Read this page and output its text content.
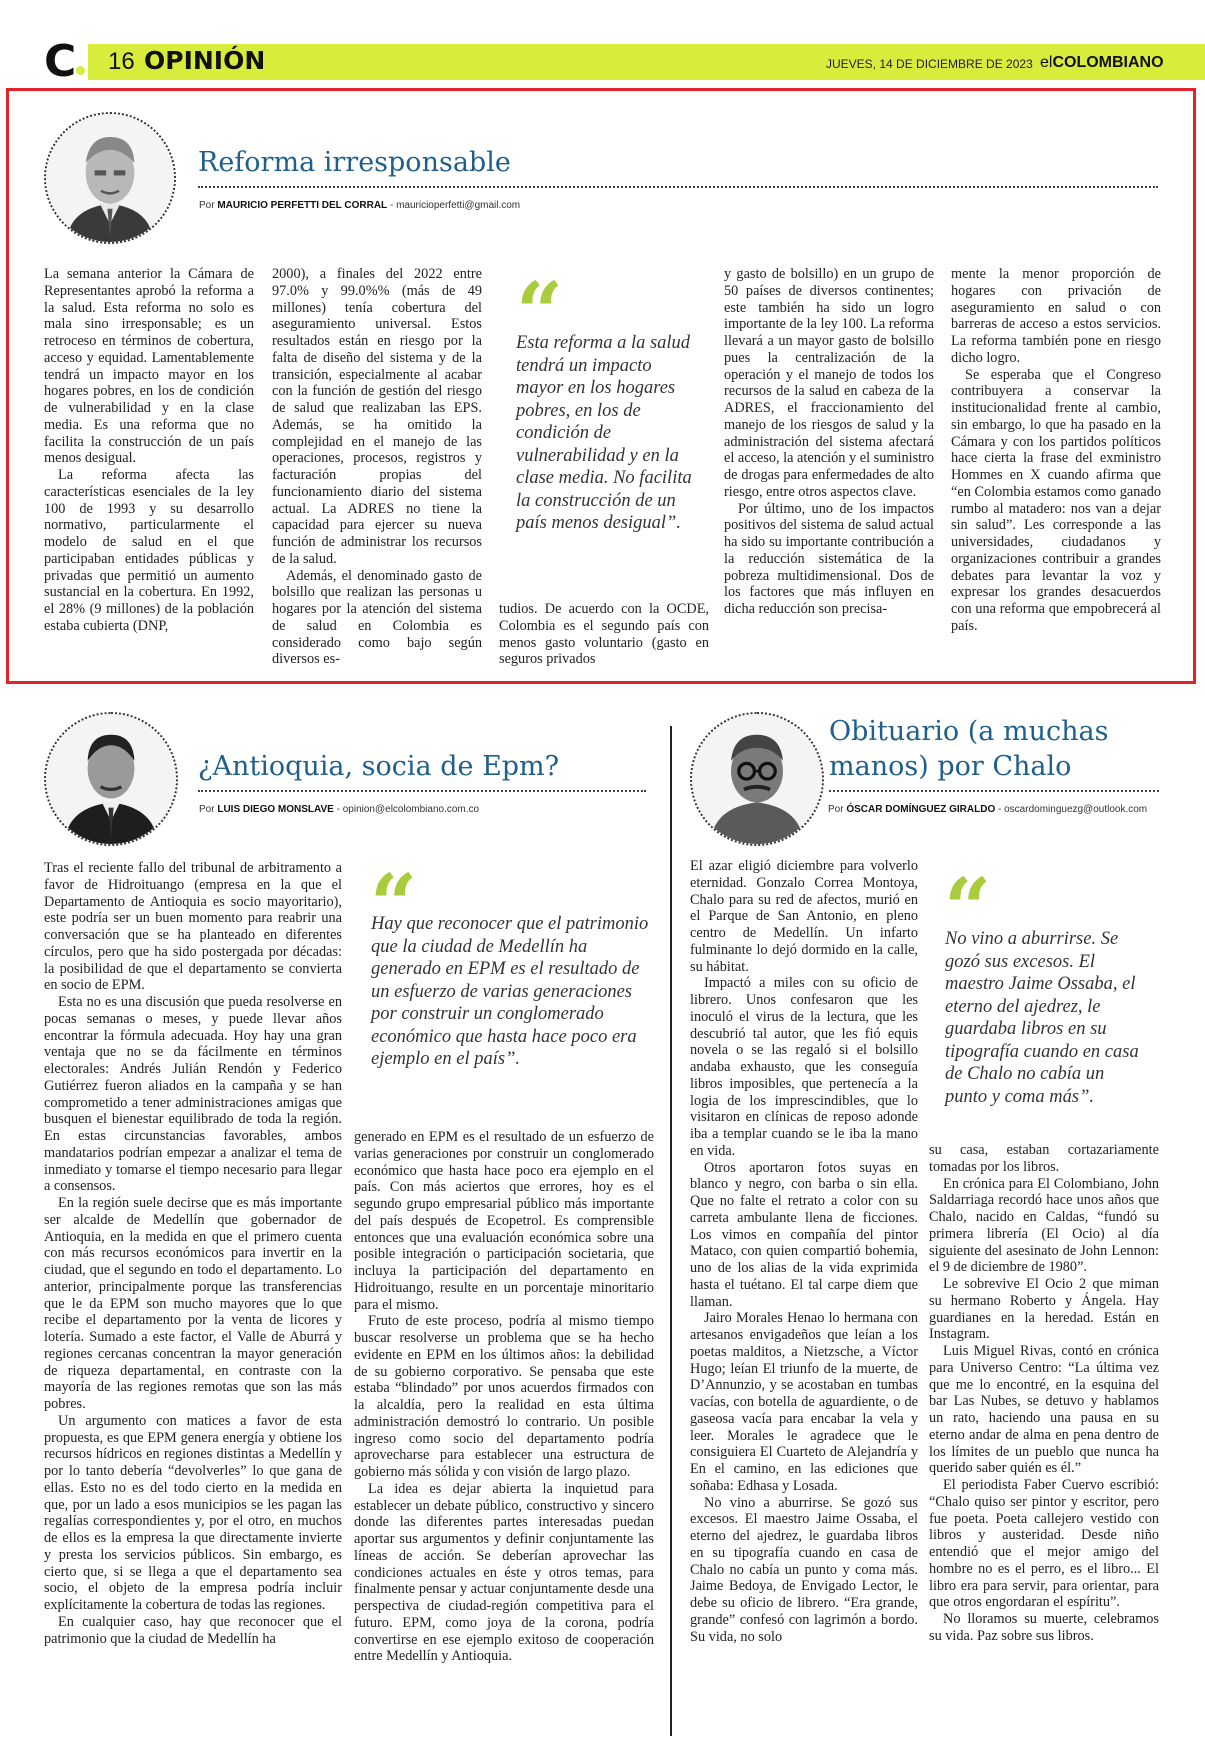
C 16 OPINIÓN	JUEVES, 14 DE DICIEMBRE DE 2023 elCOLOMBIANO
Reforma irresponsable
Por MAURICIO PERFETTI DEL CORRAL - mauricioperfetti@gmail.com

La semana anterior la Cámara de Representantes aprobó la reforma a la salud. Esta reforma no solo es mala sino irresponsable; es un retroceso en términos de cobertura, acceso y equidad. Lamentablemente tendrá un impacto mayor en los hogares pobres, en los de condición de vulnerabilidad y en la clase media. Es una reforma que no facilita la construcción de un país menos desigual.

La reforma afecta las características esenciales de la ley 100 de 1993 y su desarrollo normativo, particularmente el modelo de salud en el que participaban entidades públicas y privadas que permitió un aumento sustancial en la cobertura. En 1992, el 28% (9 millones) de la población estaba cubierta (DNP,

2000), a finales del 2022 entre 97.0% y 99.0%% (más de 49 millones) tenía cobertura del aseguramiento universal. Estos resultados están en riesgo por la falta de diseño del sistema y de la transición, especialmente al acabar con la función de gestión del riesgo de salud que realizaban las EPS. Además, se ha omitido la complejidad en el manejo de las operaciones, procesos, registros y facturación propias del funcionamiento diario del sistema actual. La ADRES no tiene la capacidad para ejercer su nueva función de administrar los recursos de la salud.

Además, el denominado gasto de bolsillo que realizan las personas u hogares por la atención del sistema de salud en Colombia es considerado como bajo según diversos es-

“
Esta reforma a la salud tendrá un impacto mayor en los hogares pobres, en los de condición de vulnerabilidad y en la clase media. No facilita la construcción de un país menos desigual”.

tudios. De acuerdo con la OCDE, Colombia es el segundo país con menos gasto voluntario (gasto en seguros privados

y gasto de bolsillo) en un grupo de 50 países de diversos continentes; este también ha sido un logro importante de la ley 100. La reforma llevará a un mayor gasto de bolsillo pues la centralización de la operación y el manejo de todos los recursos de la salud en cabeza de la ADRES, el fraccionamiento del manejo de los riesgos de salud y la administración del sistema afectará el acceso, la atención y el suministro de drogas para enfermedades de alto riesgo, entre otros aspectos clave.

Por último, uno de los impactos positivos del sistema de salud actual ha sido su importante contribución a la reducción sistemática de la pobreza multidimensional. Dos de los factores que más influyen en dicha reducción son precisa-

mente la menor proporción de hogares con privación de aseguramiento en salud o con barreras de acceso a estos servicios. La reforma también pone en riesgo dicho logro.

Se esperaba que el Congreso contribuyera a conservar la institucionalidad frente al cambio, sin embargo, lo que ha pasado en la Cámara y con los partidos políticos hace cierta la frase del exministro Hommes en X cuando afirma que “en Colombia estamos como ganado rumbo al matadero: nos van a dejar sin salud”. Les corresponde a las universidades, ciudadanos y organizaciones contribuir a grandes debates para levantar la voz y expresar los grandes desacuerdos con una reforma que empobrecerá al país.

¿Antioquia, socia de Epm?
Por LUIS DIEGO MONSLAVE - opinion@elcolombiano.com.co

Tras el reciente fallo del tribunal de arbitramento a favor de Hidroituango (empresa en la que el Departamento de Antioquia es socio mayoritario), este podría ser un buen momento para reabrir una conversación que se ha planteado en diferentes círculos, pero que ha sido postergada por décadas: la posibilidad de que el departamento se convierta en socio de EPM.

Esta no es una discusión que pueda resolverse en pocas semanas o meses, y puede llevar años encontrar la fórmula adecuada. Hoy hay una gran ventaja que no se da fácilmente en términos electorales: Andrés Julián Rendón y Federico Gutiérrez fueron aliados en la campaña y se han comprometido a tener administraciones amigas que busquen el bienestar equilibrado de toda la región. En estas circunstancias favorables, ambos mandatarios podrían empezar a analizar el tema de inmediato y tomarse el tiempo necesario para llegar a consensos.

En la región suele decirse que es más importante ser alcalde de Medellín que gobernador de Antioquia, en la medida en que el primero cuenta con más recursos económicos para invertir en la ciudad, que el segundo en todo el departamento. Lo anterior, principalmente porque las transferencias que le da EPM son mucho mayores que lo que recibe el departamento por la venta de licores y lotería. Sumado a este factor, el Valle de Aburrá y regiones cercanas concentran la mayor generación de riqueza departamental, en contraste con la mayoría de las regiones remotas que son las más pobres.

Un argumento con matices a favor de esta propuesta, es que EPM genera energía y obtiene los recursos hídricos en regiones distintas a Medellín y por lo tanto debería “devolverles” lo que gana de ellas. Esto no es del todo cierto en la medida en que, por un lado a esos municipios se les pagan las regalías correspondientes y, por el otro, en muchos de ellos es la empresa la que directamente invierte y presta los servicios públicos. Sin embargo, es cierto que, si se llega a que el departamento sea socio, el objeto de la empresa podría incluir explícitamente la cobertura de todas las regiones.

En cualquier caso, hay que reconocer que el patrimonio que la ciudad de Medellín ha

“
Hay que reconocer que el patrimonio que la ciudad de Medellín ha generado en EPM es el resultado de un esfuerzo de varias generaciones por construir un conglomerado económico que hasta hace poco era ejemplo en el país”.

generado en EPM es el resultado de un esfuerzo de varias generaciones por construir un conglomerado económico que hasta hace poco era ejemplo en el país. Con más aciertos que errores, hoy es el segundo grupo empresarial público más importante del país después de Ecopetrol. Es comprensible entonces que una evaluación económica sobre una posible integración o participación societaria, que incluya la participación del departamento en Hidroituango, resulte en un porcentaje minoritario para el mismo.

Fruto de este proceso, podría al mismo tiempo buscar resolverse un problema que se ha hecho evidente en EPM en los últimos años: la debilidad de su gobierno corporativo. Se pensaba que este estaba “blindado” por unos acuerdos firmados con la alcaldía, pero la realidad en esta última administración demostró lo contrario. Un posible ingreso como socio del departamento podría aprovecharse para establecer una estructura de gobierno más sólida y con visión de largo plazo.

La idea es dejar abierta la inquietud para establecer un debate público, constructivo y sincero donde las diferentes partes interesadas puedan aportar sus argumentos y definir conjuntamente las líneas de acción. Se deberían aprovechar las condiciones actuales en éste y otros temas, para finalmente pensar y actuar conjuntamente desde una perspectiva de ciudad-región competitiva para el futuro. EPM, como joya de la corona, podría convertirse en ese ejemplo exitoso de cooperación entre Medellín y Antioquia.

Obituario (a muchas
manos) por Chalo
Por ÓSCAR DOMÍNGUEZ GIRALDO - oscardominguezg@outlook.com

El azar eligió diciembre para volverlo eternidad. Gonzalo Correa Montoya, Chalo para su red de afectos, murió en el Parque de San Antonio, en pleno centro de Medellín. Un infarto fulminante lo dejó dormido en la calle, su hábitat.

Impactó a miles con su oficio de librero. Unos confesaron que les inoculó el virus de la lectura, que les descubrió tal autor, que les fió equis novela o se las regaló si el bolsillo andaba exhausto, que les conseguía libros imposibles, que pertenecía a la logia de los imprescindibles, que lo visitaron en clínicas de reposo adonde iba a templar cuando se le iba la mano en vida.

Otros aportaron fotos suyas en blanco y negro, con barba o sin ella. Que no falte el retrato a color con su carreta ambulante llena de ficciones. Los vimos en compañía del pintor Mataco, con quien compartió bohemia, uno de los alias de la vida exprimida hasta el tuétano. El tal carpe diem que llaman.

Jairo Morales Henao lo hermana con artesanos envigadeños que leían a los poetas malditos, a Nietzsche, a Víctor Hugo; leían El triunfo de la muerte, de D’Annunzio, y se acostaban en tumbas vacías, con botella de aguardiente, o de gaseosa vacía para encabar la vela y leer. Morales le agradece que le consiguiera El Cuarteto de Alejandría y En el camino, en las ediciones que soñaba: Edhasa y Losada.

No vino a aburrirse. Se gozó sus excesos. El maestro Jaime Ossaba, el eterno del ajedrez, le guardaba libros en su tipografía cuando en casa de Chalo no cabía un punto y coma más. Jaime Bedoya, de Envigado Lector, le debe su oficio de librero. “Era grande, grande” confesó con lagrimón a bordo. Su vida, no solo

“
No vino a aburrirse. Se gozó sus excesos. El maestro Jaime Ossaba, el eterno del ajedrez, le guardaba libros en su tipografía cuando en casa de Chalo no cabía un punto y coma más”.

su casa, estaban cortazariamente tomadas por los libros.

En crónica para El Colombiano, John Saldarriaga recordó hace unos años que Chalo, nacido en Caldas, “fundó su primera librería (El Ocio) al día siguiente del asesinato de John Lennon: el 9 de diciembre de 1980”.

Le sobrevive El Ocio 2 que miman su hermano Roberto y Ángela. Hay guardianes en la heredad. Están en Instagram.

Luis Miguel Rivas, contó en crónica para Universo Centro: “La última vez que me lo encontré, en la esquina del bar Las Nubes, se detuvo y hablamos un rato, haciendo una pausa en su eterno andar de alma en pena dentro de los límites de un pueblo que nunca ha querido saber quién es él.”

El periodista Faber Cuervo escribió: “Chalo quiso ser pintor y escritor, pero fue poeta. Poeta callejero vestido con libros y austeridad. Desde niño entendió que el mejor amigo del hombre no es el perro, es el libro... El libro era para servir, para orientar, para que otros engordaran el espíritu”.

No lloramos su muerte, celebramos su vida. Paz sobre sus libros.
